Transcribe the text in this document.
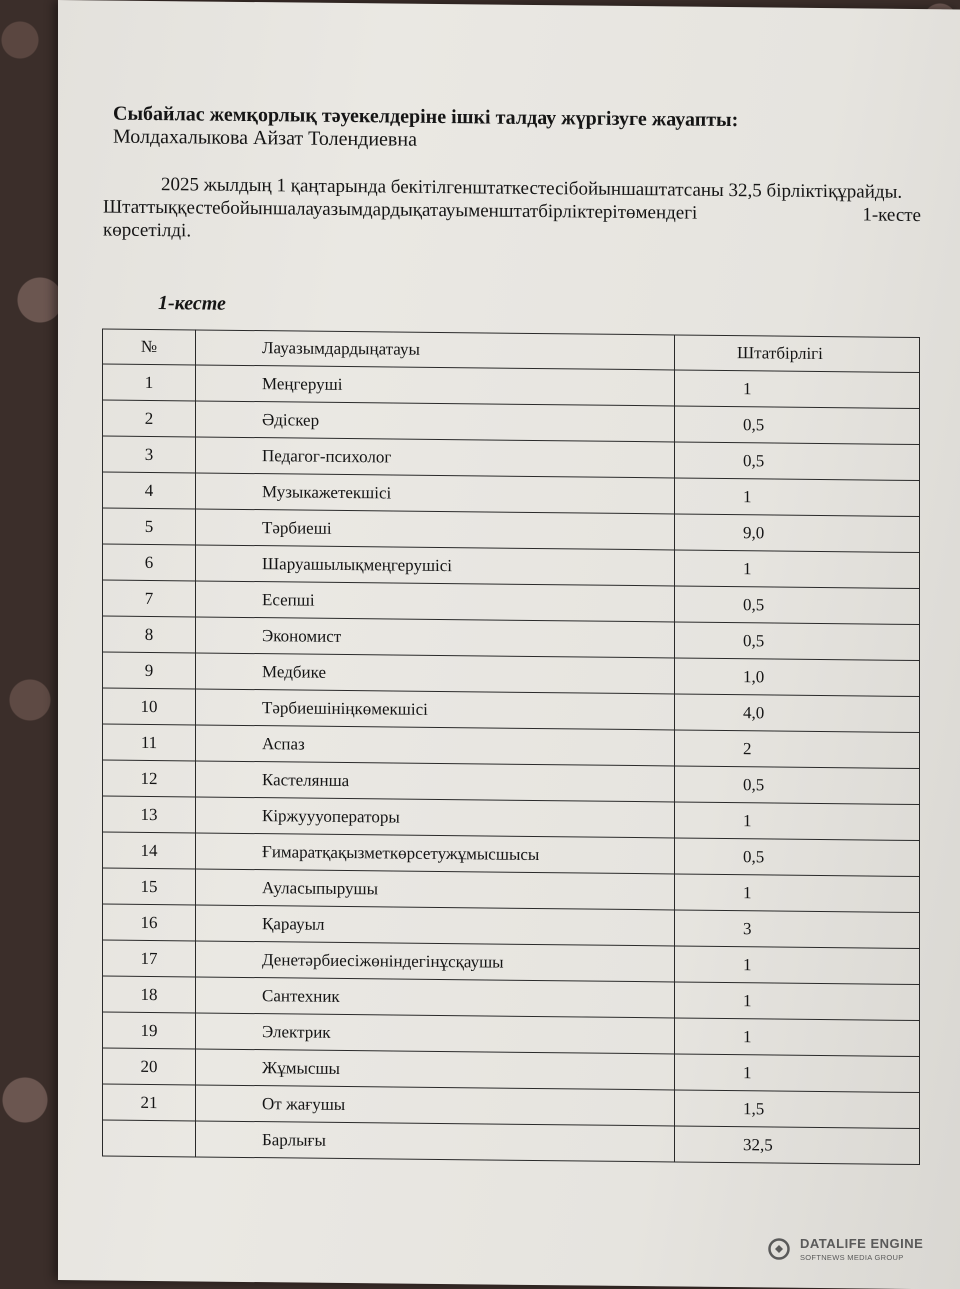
Сыбайлас жемқорлық тәуекелдеріне ішкі талдау жүргізуге жауапты:
Молдахалыкова Айзат Толендиевна

2025 жылдың 1 қаңтарында бекітілгенштаткестесібойыншаштатсаны 32,5 бірліктіқұрайды.

Штаттыққестебойыншалауазымдардықатауыменштатбірліктерітөмендегі	1-кесте

көрсетілді.

1-кесте
№	Лауазымдардыңатауы	Штатбірлігі
1	Меңгеруші	1
2	Әдіскер	0,5
3	Педагог-психолог	0,5
4	Музыкажетекшісі	1
5	Тәрбиеші	9,0
6	Шаруашылықмеңгерушісі	1
7	Есепші	0,5
8	Экономист	0,5
9	Медбике	1,0
10	Тәрбиешініңкөмекшісі	4,0
11	Аспаз	2
12	Кастелянша	0,5
13	Кіржуууоператоры	1
14	Ғимаратқақызметкөрсетужұмысшысы	0,5
15	Ауласыпырушы	1
16	Қарауыл	3
17	Денетәрбиесіжөніндегінұсқаушы	1
18	Сантехник	1
19	Электрик	1
20	Жұмысшы	1
21	От жағушы	1,5
	Барлығы	32,5
DATALIFE ENGINE
SOFTNEWS MEDIA GROUP
